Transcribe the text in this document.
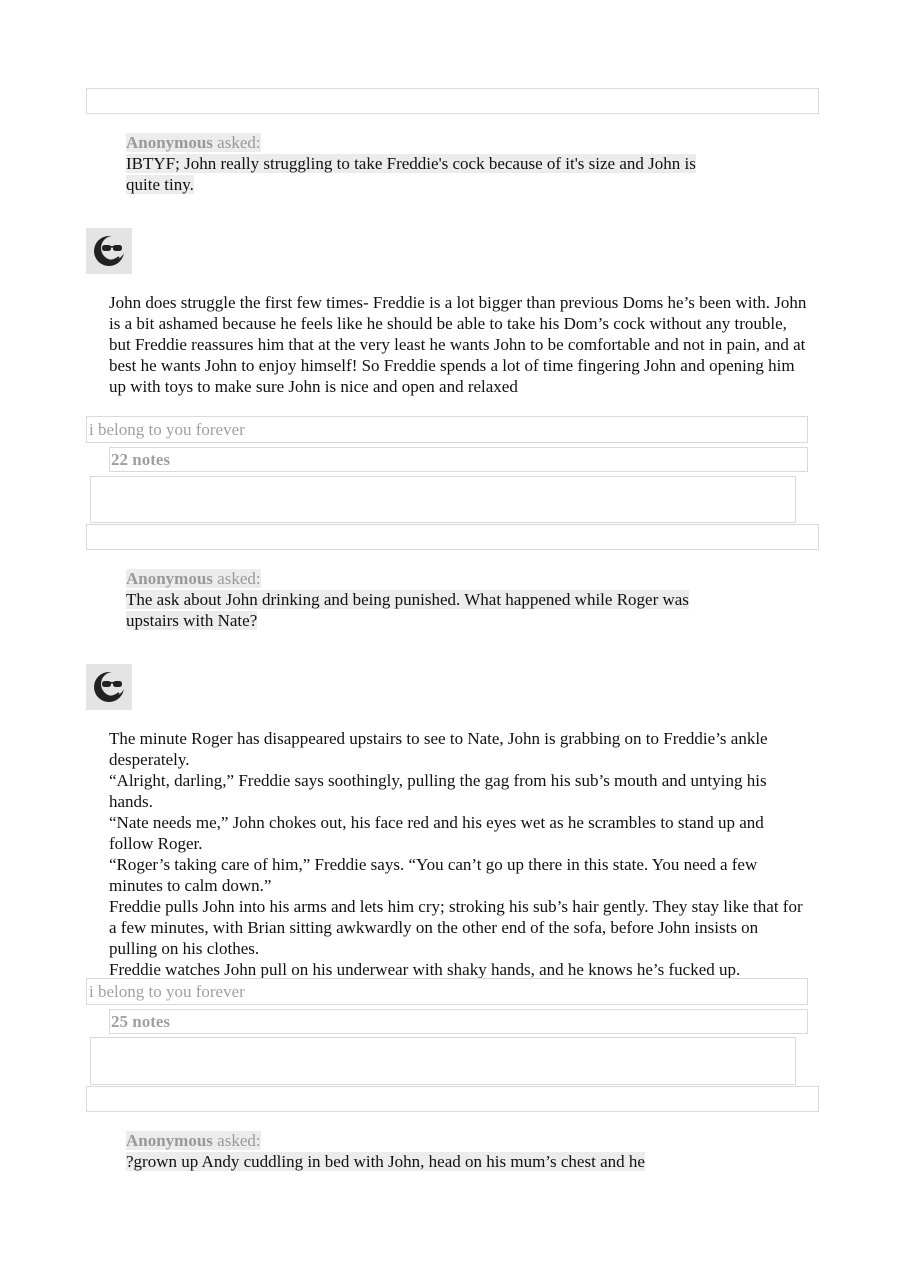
Anonymous asked:

IBTYF; John really struggling to take Freddie's cock because of it's size and John is quite tiny.

John does struggle the first few times- Freddie is a lot bigger than previous Doms he’s been with. John is a bit ashamed because he feels like he should be able to take his Dom’s cock without any trouble, but Freddie reassures him that at the very least he wants John to be comfortable and not in pain, and at best he wants John to enjoy himself! So Freddie spends a lot of time fingering John and opening him up with toys to make sure John is nice and open and relaxed

i belong to you forever
22 notes
Anonymous asked:

The ask about John drinking and being punished. What happened while Roger was upstairs with Nate?

The minute Roger has disappeared upstairs to see to Nate, John is grabbing on to Freddie’s ankle desperately.

“Alright, darling,” Freddie says soothingly, pulling the gag from his sub’s mouth and untying his hands.

“Nate needs me,” John chokes out, his face red and his eyes wet as he scrambles to stand up and follow Roger.

“Roger’s taking care of him,” Freddie says. “You can’t go up there in this state. You need a few minutes to calm down.”

Freddie pulls John into his arms and lets him cry; stroking his sub’s hair gently. They stay like that for a few minutes, with Brian sitting awkwardly on the other end of the sofa, before John insists on pulling on his clothes.

Freddie watches John pull on his underwear with shaky hands, and he knows he’s fucked up.

i belong to you forever
25 notes
Anonymous asked:

?grown up Andy cuddling in bed with John, head on his mum’s chest and he
